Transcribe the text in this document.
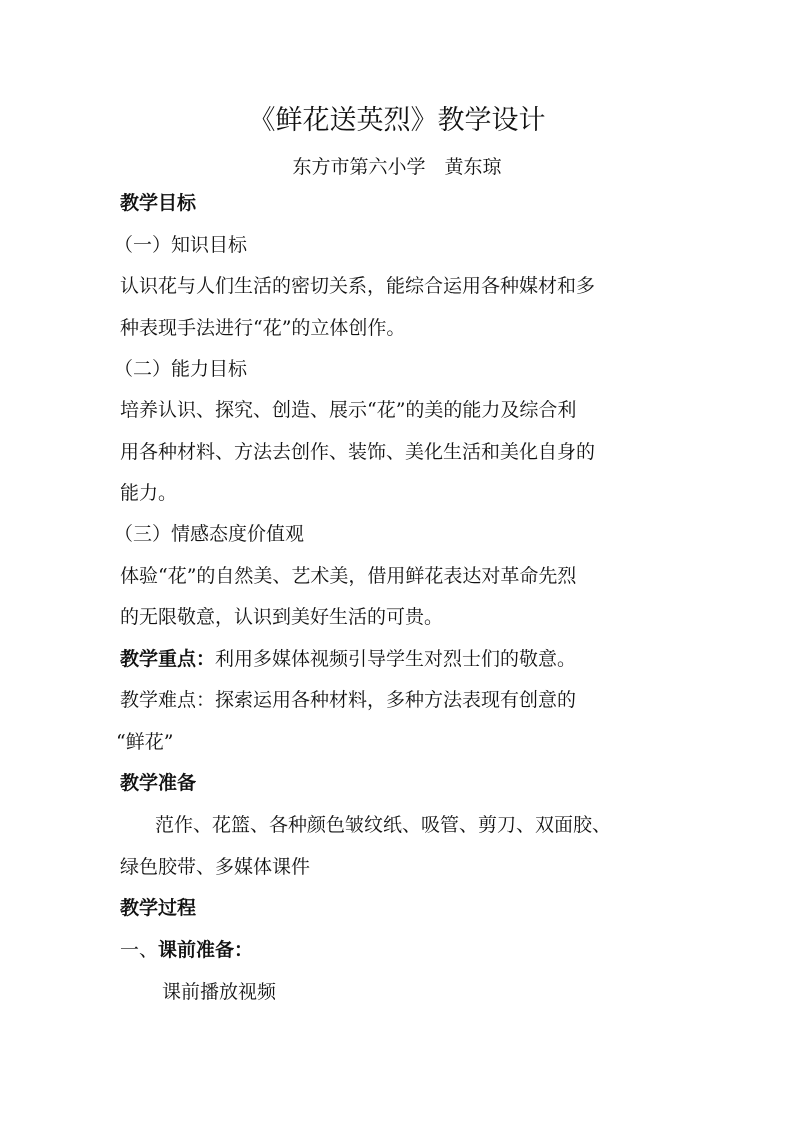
《鲜花送英烈》教学设计
东方市第六小学　黄东琼
教学目标
（一）知识目标
认识花与人们生活的密切关系，能综合运用各种媒材和多
种表现手法进行“花”的立体创作。
（二）能力目标
培养认识、探究、创造、展示“花”的美的能力及综合利
用各种材料、方法去创作、装饰、美化生活和美化自身的
能力。
（三）情感态度价值观
体验“花”的自然美、艺术美，借用鲜花表达对革命先烈
的无限敬意，认识到美好生活的可贵。
教学重点：利用多媒体视频引导学生对烈士们的敬意。
教学难点：探索运用各种材料，多种方法表现有创意的
“鲜花”
教学准备
范作、花篮、各种颜色皱纹纸、吸管、剪刀、双面胶、
绿色胶带、多媒体课件
教学过程
一、课前准备：
课前播放视频
